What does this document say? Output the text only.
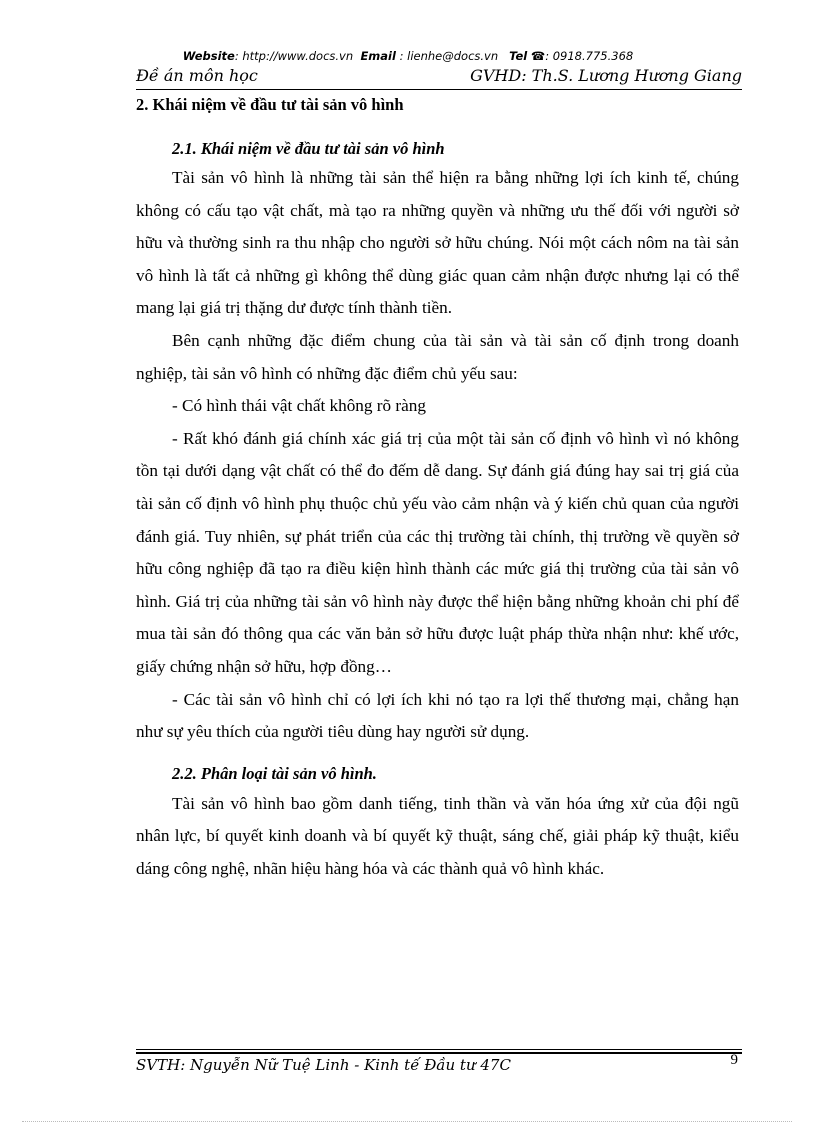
Website: http://www.docs.vn Email : lienhe@docs.vn Tel ☎: 0918.775.368
Đề án môn học	GVHD: Th.S. Lương Hương Giang

2. Khái niệm về đầu tư tài sản vô hình

2.1. Khái niệm về đầu tư tài sản vô hình

Tài sản vô hình là những tài sản thể hiện ra bằng những lợi ích kinh tế, chúng không có cấu tạo vật chất, mà tạo ra những quyền và những ưu thế đối với người sở hữu và thường sinh ra thu nhập cho người sở hữu chúng. Nói một cách nôm na tài sản vô hình là tất cả những gì không thể dùng giác quan cảm nhận được nhưng lại có thể mang lại giá trị thặng dư được tính thành tiền.

Bên cạnh những đặc điểm chung của tài sản và tài sản cố định trong doanh nghiệp, tài sản vô hình có những đặc điểm chủ yếu sau:

- Có hình thái vật chất không rõ ràng

- Rất khó đánh giá chính xác giá trị của một tài sản cố định vô hình vì nó không tồn tại dưới dạng vật chất có thể đo đếm dễ dang. Sự đánh giá đúng hay sai trị giá của tài sản cố định vô hình phụ thuộc chủ yếu vào cảm nhận và ý kiến chủ quan của người đánh giá. Tuy nhiên, sự phát triển của các thị trường tài chính, thị trường về quyền sở hữu công nghiệp đã tạo ra điều kiện hình thành các mức giá thị trường của tài sản vô hình. Giá trị của những tài sản vô hình này được thể hiện bằng những khoản chi phí để mua tài sản đó thông qua các văn bản sở hữu được luật pháp thừa nhận như: khế ước, giấy chứng nhận sở hữu, hợp đồng…

- Các tài sản vô hình chỉ có lợi ích khi nó tạo ra lợi thế thương mại, chẳng hạn như sự yêu thích của người tiêu dùng hay người sử dụng.

2.2. Phân loại tài sản vô hình.

Tài sản vô hình bao gồm danh tiếng, tinh thần và văn hóa ứng xử của đội ngũ nhân lực, bí quyết kinh doanh và bí quyết kỹ thuật, sáng chế, giải pháp kỹ thuật, kiểu dáng công nghệ, nhãn hiệu hàng hóa và các thành quả vô hình khác.

SVTH: Nguyễn Nữ Tuệ Linh - Kinh tế Đầu tư 47C	9
